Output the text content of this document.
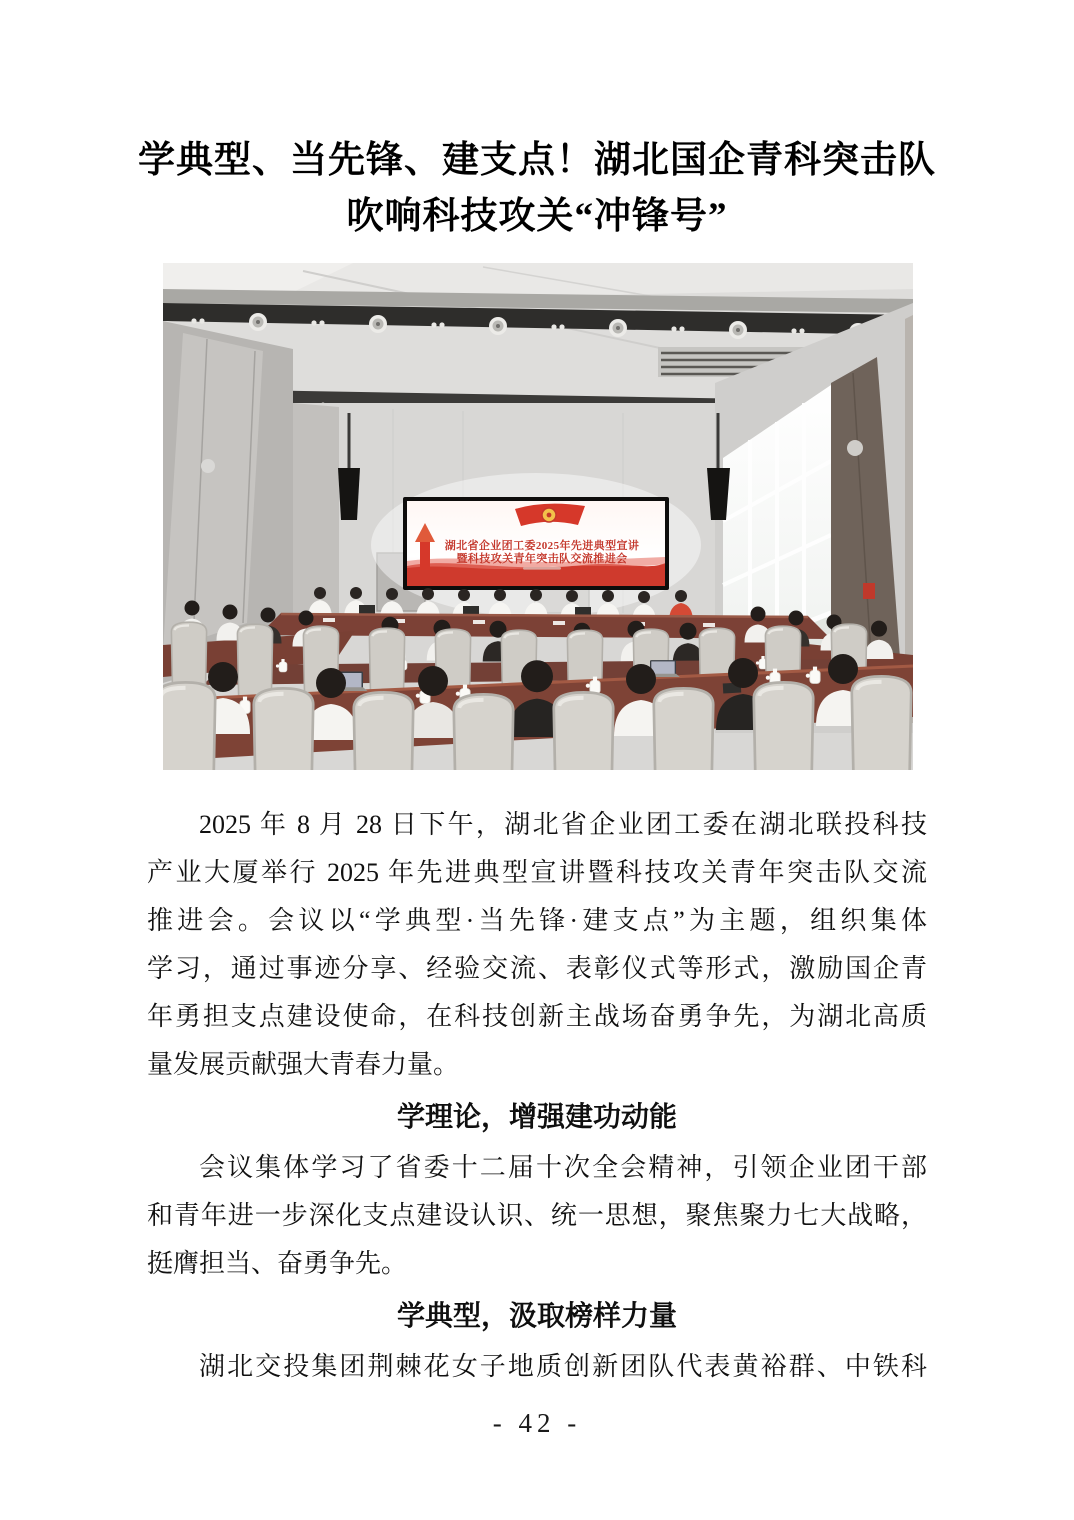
学典型、当先锋、建支点！湖北国企青科突击队
吹响科技攻关“冲锋号”
湖北省企业团工委2025年先进典型宣讲
暨科技攻关青年突击队交流推进会
2025 年 8 月 28 日下午，湖北省企业团工委在湖北联投科技
产业大厦举行 2025 年先进典型宣讲暨科技攻关青年突击队交流
推进会。会议以“学典型·当先锋·建支点”为主题，组织集体
学习，通过事迹分享、经验交流、表彰仪式等形式，激励国企青
年勇担支点建设使命，在科技创新主战场奋勇争先，为湖北高质
量发展贡献强大青春力量。
学理论，增强建功动能
会议集体学习了省委十二届十次全会精神，引领企业团干部
和青年进一步深化支点建设认识、统一思想，聚焦聚力七大战略，
挺膺担当、奋勇争先。
学典型，汲取榜样力量
湖北交投集团荆棘花女子地质创新团队代表黄裕群、中铁科
- 42 -
